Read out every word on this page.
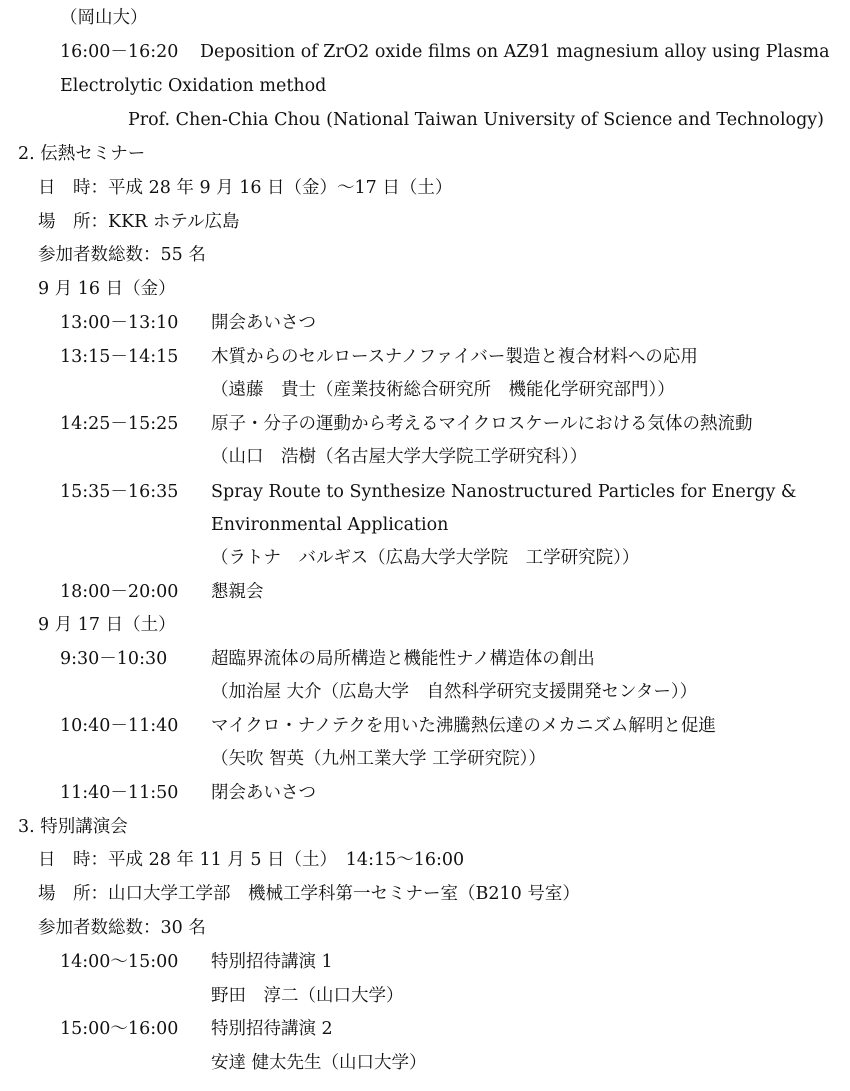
（岡山大）
16:00－16:20 Deposition of ZrO2 oxide films on AZ91 magnesium alloy using Plasma
Electrolytic Oxidation method
Prof. Chen-Chia Chou (National Taiwan University of Science and Technology)
2. 伝熱セミナー
日　時：平成 28 年 9 月 16 日（金）～17 日（土）
場　所：KKR ホテル広島
参加者数総数：55 名
9 月 16 日（金）
13:00－13:10 開会あいさつ
13:15－14:15 木質からのセルロースナノファイバー製造と複合材料への応用
（遠藤　貴士（産業技術総合研究所　機能化学研究部門））
14:25－15:25 原子・分子の運動から考えるマイクロスケールにおける気体の熱流動
（山口　浩樹（名古屋大学大学院工学研究科））
15:35－16:35 Spray Route to Synthesize Nanostructured Particles for Energy &
Environmental Application
（ラトナ　バルギス（広島大学大学院　工学研究院））
18:00－20:00 懇親会
9 月 17 日（土）
9:30－10:30	超臨界流体の局所構造と機能性ナノ構造体の創出
（加治屋 大介（広島大学　自然科学研究支援開発センター））
10:40－11:40 マイクロ・ナノテクを用いた沸騰熱伝達のメカニズム解明と促進
（矢吹 智英（九州工業大学 工学研究院））
11:40－11:50 閉会あいさつ
3. 特別講演会
日　時：平成 28 年 11 月 5 日（土）　14:15～16:00
場　所：山口大学工学部　機械工学科第一セミナー室（B210 号室）
参加者数総数：30 名
14:00～15:00 特別招待講演 1
野田　淳二（山口大学）
15:00～16:00 特別招待講演 2
安達 健太先生（山口大学）
